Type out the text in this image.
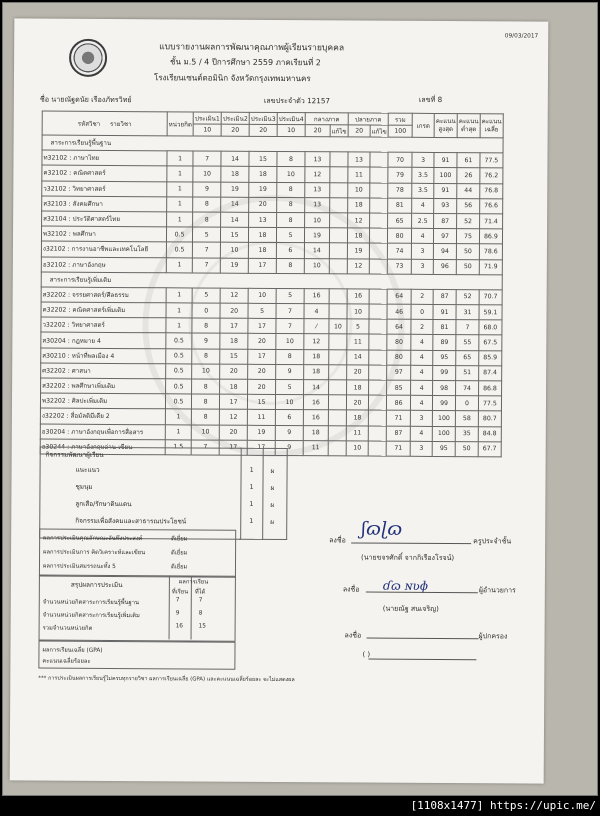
09/03/2017
แบบรายงานผลการพัฒนาคุณภาพผู้เรียนรายบุคคล
ชั้น ม.5 / 4 ปีการศึกษา 2559 ภาคเรียนที่ 2
โรงเรียนเซนต์ดอมินิก จังหวัดกรุงเทพมหานคร
ชื่อ นายณัฐดนัย เรืองภัทรวิทย์	เลขประจำตัว 12157	เลขที่ 8
รหัสวิชา รายวิชา	หน่วยกิต	ประเมิน1	ประเมิน2	ประเมิน3	ประเมิน4	กลางภาค		ปลายภาค		รวม	เกรด	คะแนน สูงสุด	คะแนน ต่ำสุด	คะแนน เฉลี่ย
		10	20	20	10	20	แก้ไข	20	แก้ไข	100				
สาระการเรียนรู้พื้นฐาน														
ท32102 : ภาษาไทย	1	7	14	15	8	13		13		70	3	91	61	77.5
ค32102 : คณิตศาสตร์	1	10	18	18	10	12		11		79	3.5	100	26	76.2
ว32102 : วิทยาศาสตร์	1	9	19	19	8	13		10		78	3.5	91	44	76.8
ส32103 : สังคมศึกษา	1	8	14	20	8	13		18		81	4	93	56	76.6
ส32104 : ประวัติศาสตร์ไทย	1	8	14	13	8	10		12		65	2.5	87	52	71.4
พ32102 : พลศึกษา	0.5	5	15	18	5	19		18		80	4	97	75	86.9
ง32102 : การงานอาชีพและเทคโนโลยี	0.5	7	10	18	6	14		19		74	3	94	50	78.6
อ32102 : ภาษาอังกฤษ	1	7	19	17	8	10		12		73	3	96	50	71.9
สาระการเรียนรู้เพิ่มเติม														
ส32202 : จรรยศาสตร์/ศีลธรรม	1	5	12	10	5	16		16		64	2	87	52	70.7
ค32202 : คณิตศาสตร์เพิ่มเติม	1	0	20	5	7	4		10		46	0	91	31	59.1
ว32202 : วิทยาศาสตร์	1	8	17	17	7	⁄	10	5		64	2	81	7	68.0
ส30204 : กฎหมาย 4	0.5	9	18	20	10	12		11		80	4	89	55	67.5
ส30210 : หน้าที่พลเมือง 4	0.5	8	15	17	8	18		14		80	4	95	65	85.9
ศ32202 : ศาสนา	0.5	10	20	20	9	18		20		97	4	99	51	87.4
ส32202 : พลศึกษาเพิ่มเติม	0.5	8	18	20	5	14		18		85	4	98	74	86.8
พ32202 : ศิลปะเพิ่มเติม	0.5	8	17	15	10	16		20		86	4	99	0	77.5
ง32202 : สื่อมัลติมีเดีย 2	1	8	12	11	6	16		18		71	3	100	58	80.7
อ30204 : ภาษาอังกฤษเพื่อการสื่อสาร	1	10	20	19	9	18		11		87	4	100	35	84.8
อ30244 : ภาษาอังกฤษอ่าน-เขียน	1.5	7	17	17	9	11		10		71	3	95	50	67.7
กิจกรรมพัฒนาผู้เรียน
สรุปผลการประเมิน	ผลการเรียน
ที่เรียน ที่ได้
ผลการเรียนเฉลี่ย (GPA)
คะแนนเฉลี่ยร้อยละ
ลงชื่อ
ʃɷɭɷ
ครูประจำชั้น
(นายขจรศักดิ์ จากกิเรืองโรจน์)
ลงชื่อ ɗɷ ɴʋɸ	ผู้อำนวยการ
(นายณัฐ สนเจริญ)
ลงชื่อ	ผู้ปกครอง
( )
*** การประเมินผลการเรียนรู้ไม่ครบทุกรายวิชา ผลการเรียนเฉลี่ย (GPA) และคะแนนเฉลี่ยร้อยละ จะไม่แสดงผล
แนะแนว	1	ผ
ชุมนุม	1	ผ
ลูกเสือ/รักษาดินแดน	1	ผ
กิจกรรมเพื่อสังคมและสาธารณประโยชน์	1	ผ
ผลการประเมินคุณลักษณะอันพึงประสงค์	ดีเยี่ยม
ผลการประเมินการ คิดวิเคราะห์และเขียน	ดีเยี่ยม
ผลการประเมินสมรรถนะทั้ง 5	ดีเยี่ยม
จำนวนหน่วยกิตสาระการเรียนรู้พื้นฐาน	7	7
จำนวนหน่วยกิตสาระการเรียนรู้เพิ่มเติม	9	8
รวมจำนวนหน่วยกิต	16	15
[1108x1477] https://upic.me/
